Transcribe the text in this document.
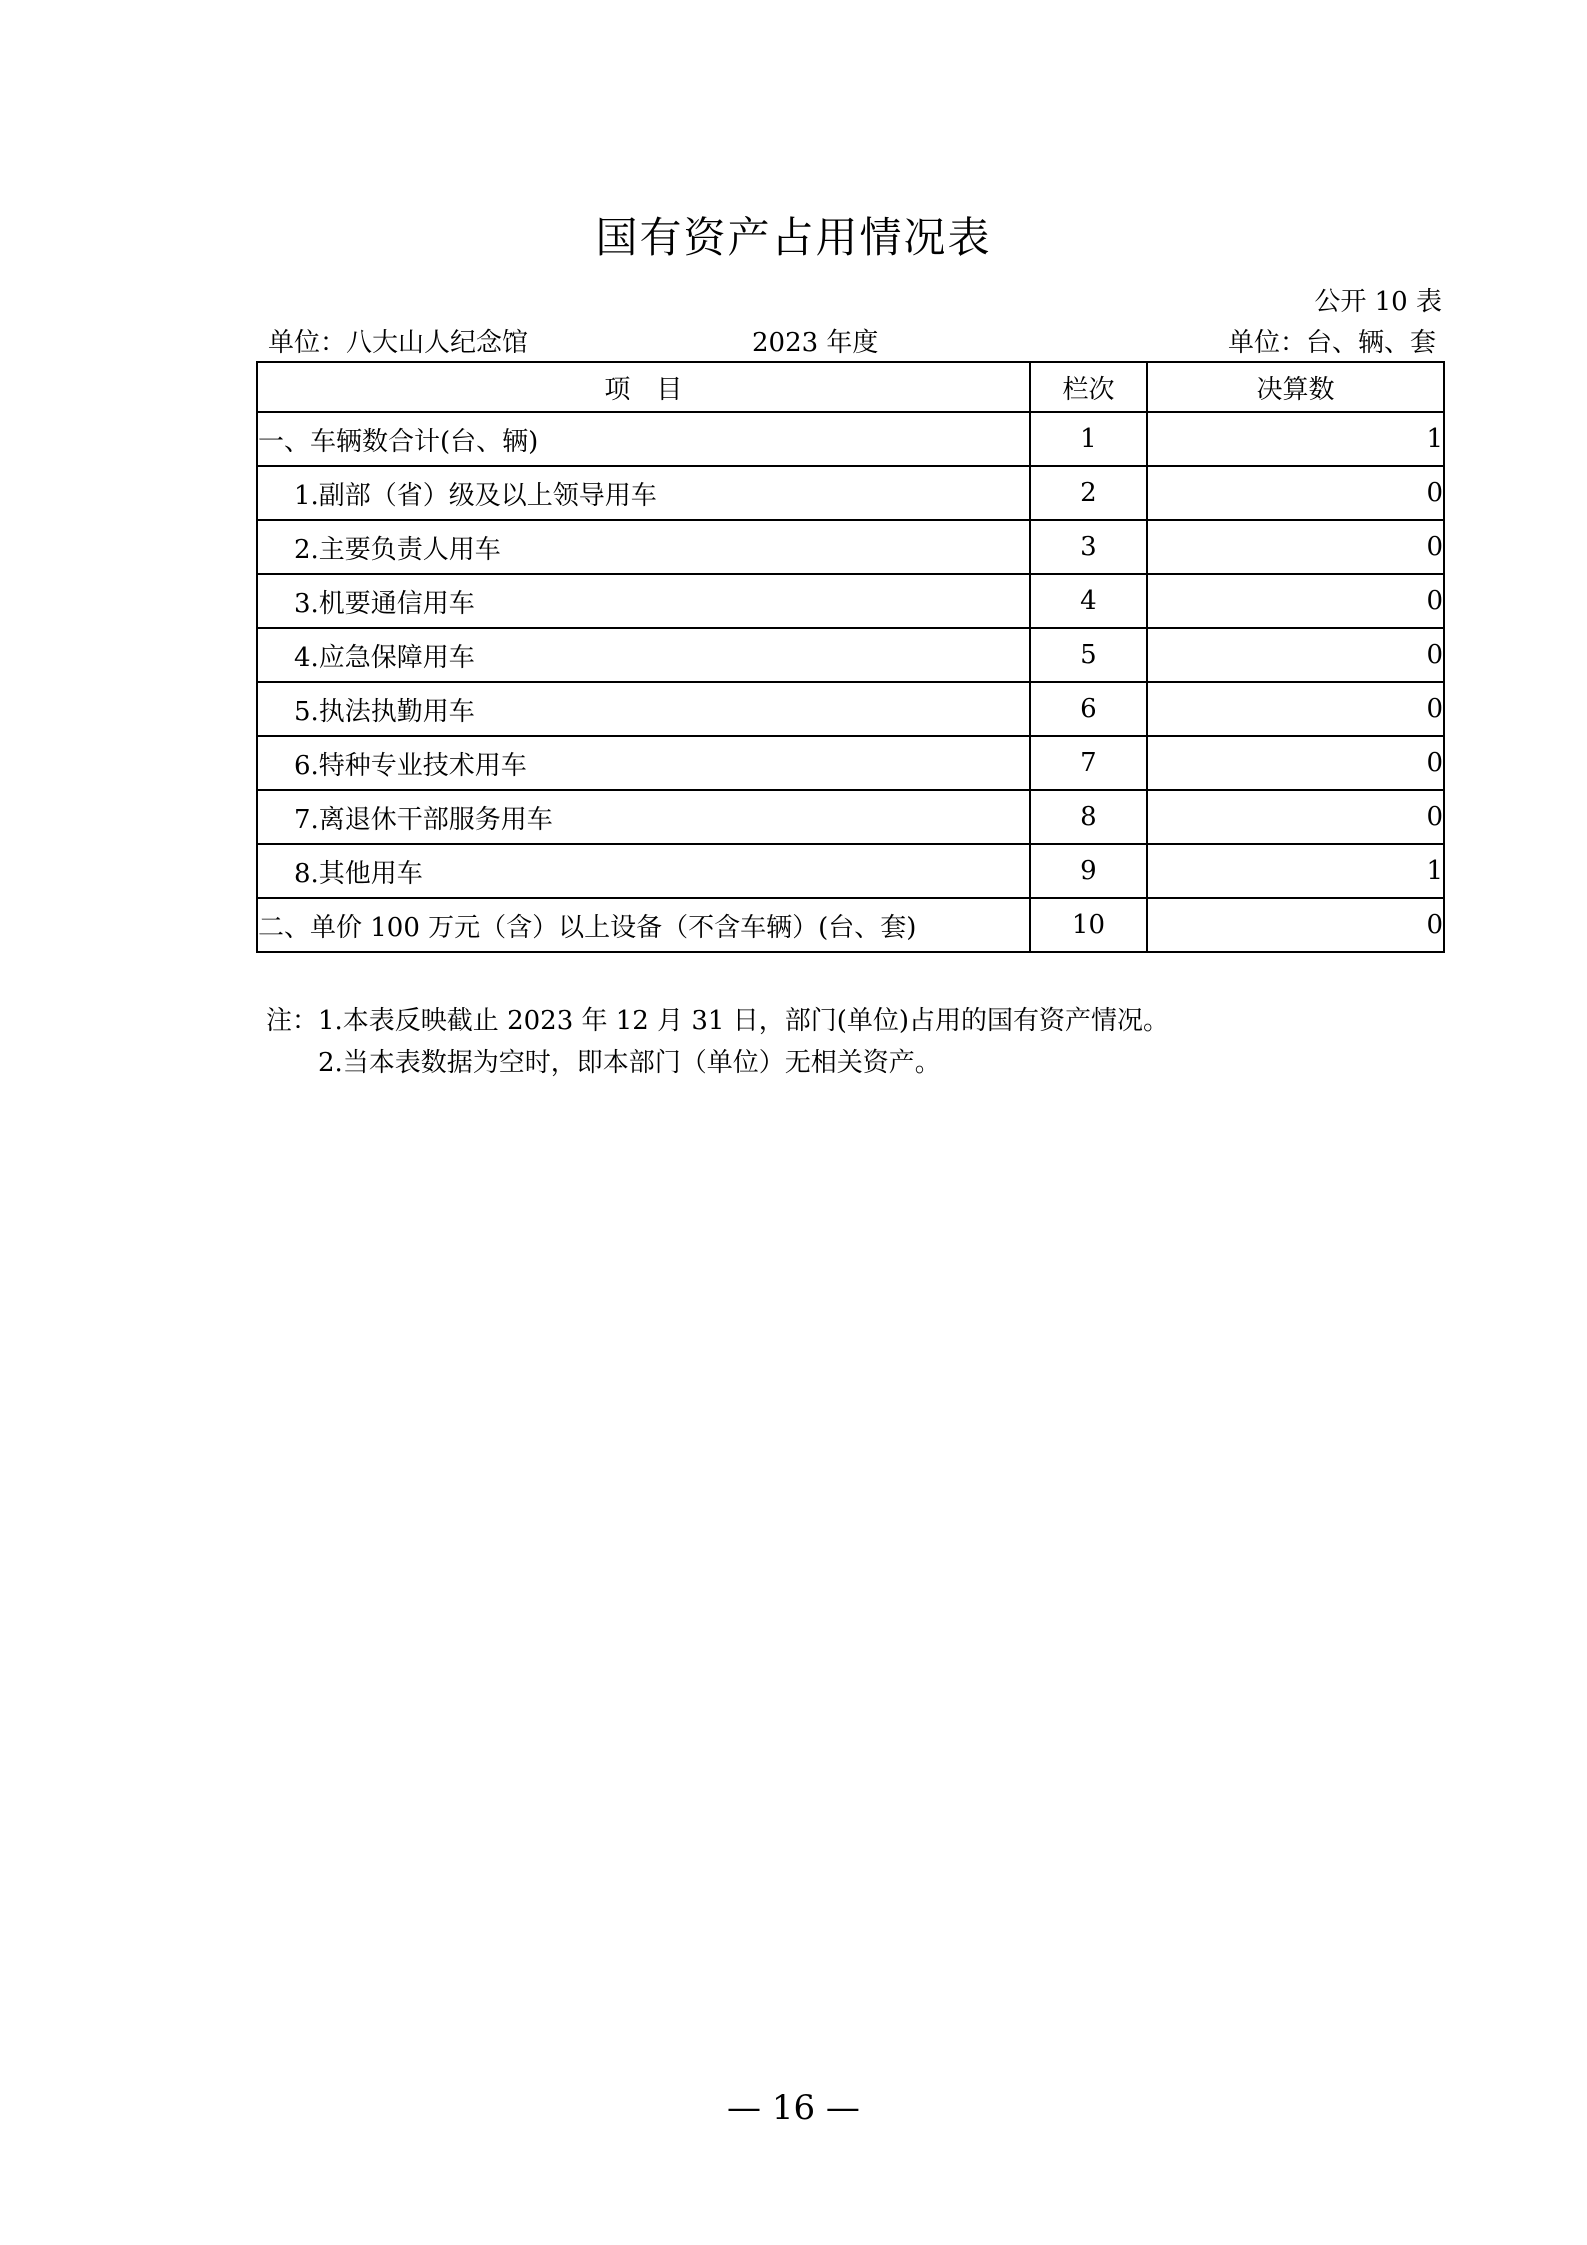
国有资产占用情况表
公开 10 表
单位：八大山人纪念馆	2023 年度	单位：台、辆、套
项　目	栏次	决算数
一、车辆数合计(台、辆)	1	1
1.副部（省）级及以上领导用车	2	0
2.主要负责人用车	3	0
3.机要通信用车	4	0
4.应急保障用车	5	0
5.执法执勤用车	6	0
6.特种专业技术用车	7	0
7.离退休干部服务用车	8	0
8.其他用车	9	1
二、单价 100 万元（含）以上设备（不含车辆）(台、套)	10	0
注：1.本表反映截止 2023 年 12 月 31 日，部门(单位)占用的国有资产情况。
2.当本表数据为空时，即本部门（单位）无相关资产。
— 16 —
